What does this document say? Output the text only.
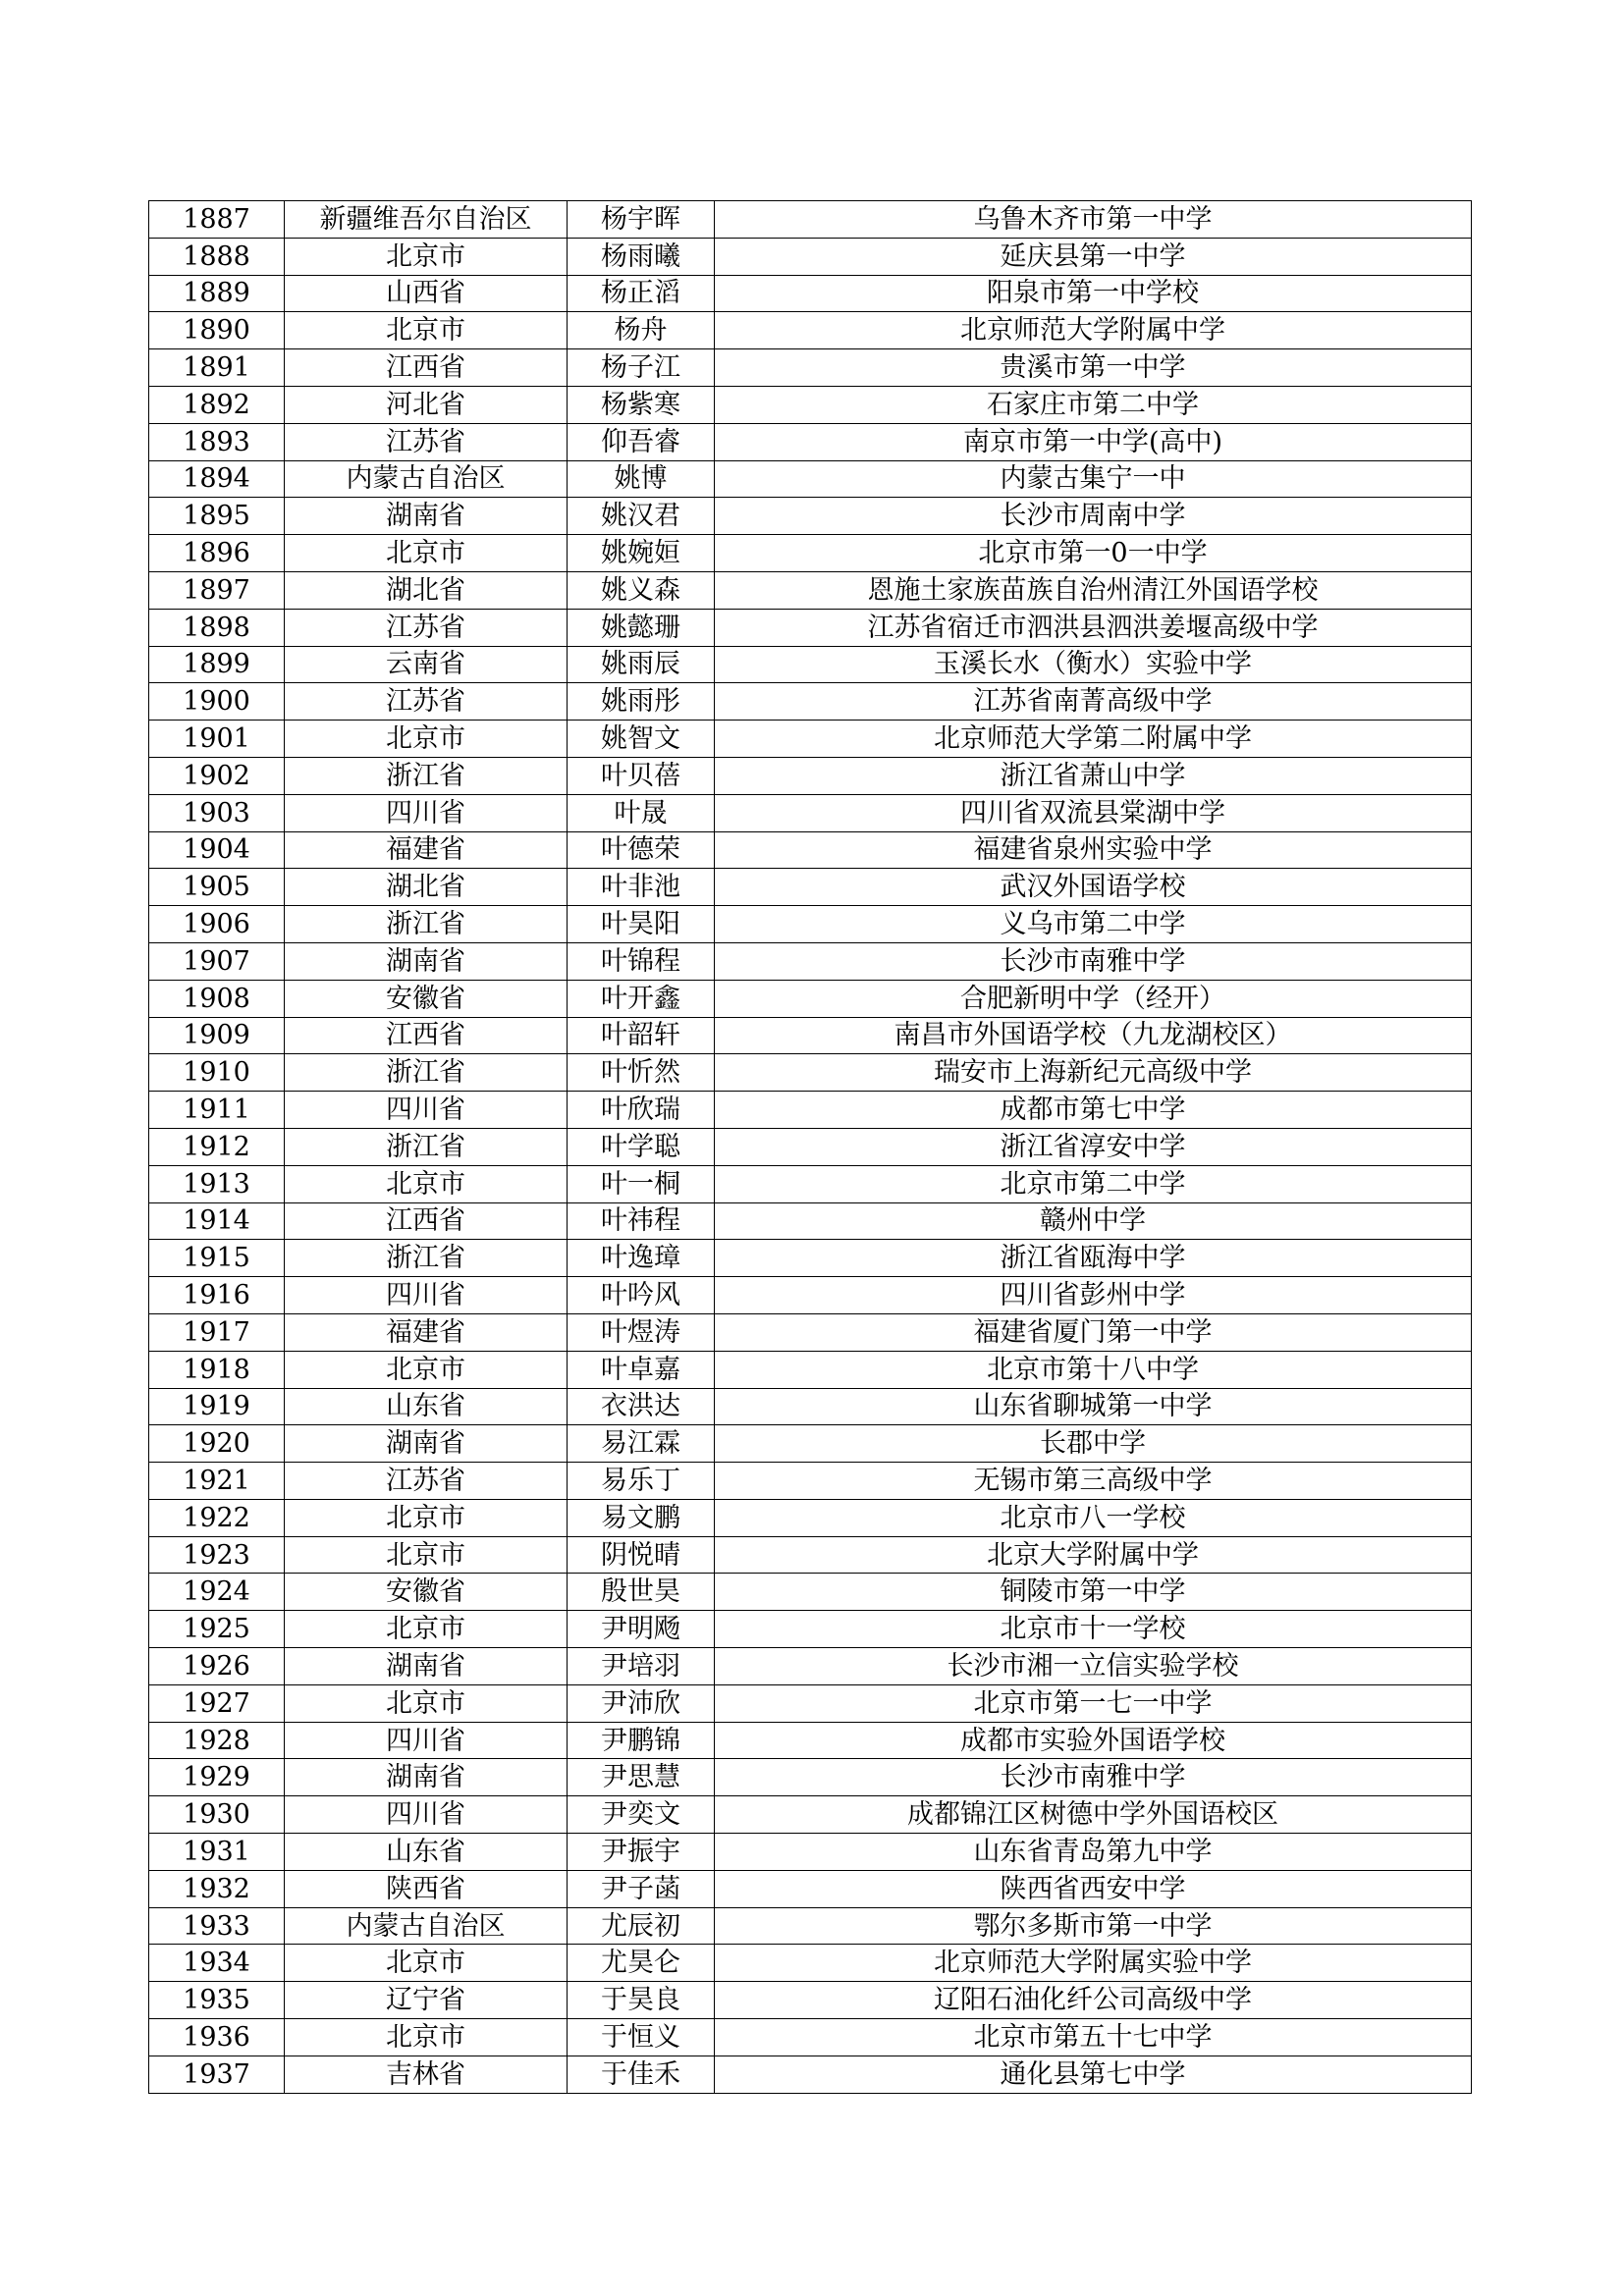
1887	新疆维吾尔自治区	杨宇晖	乌鲁木齐市第一中学
1888	北京市	杨雨曦	延庆县第一中学
1889	山西省	杨正滔	阳泉市第一中学校
1890	北京市	杨舟	北京师范大学附属中学
1891	江西省	杨子江	贵溪市第一中学
1892	河北省	杨紫寒	石家庄市第二中学
1893	江苏省	仰吾睿	南京市第一中学(高中)
1894	内蒙古自治区	姚博	内蒙古集宁一中
1895	湖南省	姚汉君	长沙市周南中学
1896	北京市	姚婉姮	北京市第一0一中学
1897	湖北省	姚义森	恩施土家族苗族自治州清江外国语学校
1898	江苏省	姚懿珊	江苏省宿迁市泗洪县泗洪姜堰高级中学
1899	云南省	姚雨辰	玉溪长水（衡水）实验中学
1900	江苏省	姚雨彤	江苏省南菁高级中学
1901	北京市	姚智文	北京师范大学第二附属中学
1902	浙江省	叶贝蓓	浙江省萧山中学
1903	四川省	叶晟	四川省双流县棠湖中学
1904	福建省	叶德荣	福建省泉州实验中学
1905	湖北省	叶非池	武汉外国语学校
1906	浙江省	叶昊阳	义乌市第二中学
1907	湖南省	叶锦程	长沙市南雅中学
1908	安徽省	叶开鑫	合肥新明中学（经开）
1909	江西省	叶韶轩	南昌市外国语学校（九龙湖校区）
1910	浙江省	叶忻然	瑞安市上海新纪元高级中学
1911	四川省	叶欣瑞	成都市第七中学
1912	浙江省	叶学聪	浙江省淳安中学
1913	北京市	叶一桐	北京市第二中学
1914	江西省	叶祎程	赣州中学
1915	浙江省	叶逸璋	浙江省瓯海中学
1916	四川省	叶吟风	四川省彭州中学
1917	福建省	叶煜涛	福建省厦门第一中学
1918	北京市	叶卓嘉	北京市第十八中学
1919	山东省	衣洪达	山东省聊城第一中学
1920	湖南省	易江霖	长郡中学
1921	江苏省	易乐丁	无锡市第三高级中学
1922	北京市	易文鹏	北京市八一学校
1923	北京市	阴悦晴	北京大学附属中学
1924	安徽省	殷世昊	铜陵市第一中学
1925	北京市	尹明飏	北京市十一学校
1926	湖南省	尹培羽	长沙市湘一立信实验学校
1927	北京市	尹沛欣	北京市第一七一中学
1928	四川省	尹鹏锦	成都市实验外国语学校
1929	湖南省	尹思慧	长沙市南雅中学
1930	四川省	尹奕文	成都锦江区树德中学外国语校区
1931	山东省	尹振宇	山东省青岛第九中学
1932	陕西省	尹子菡	陕西省西安中学
1933	内蒙古自治区	尤辰初	鄂尔多斯市第一中学
1934	北京市	尤昊仑	北京师范大学附属实验中学
1935	辽宁省	于昊良	辽阳石油化纤公司高级中学
1936	北京市	于恒义	北京市第五十七中学
1937	吉林省	于佳禾	通化县第七中学
